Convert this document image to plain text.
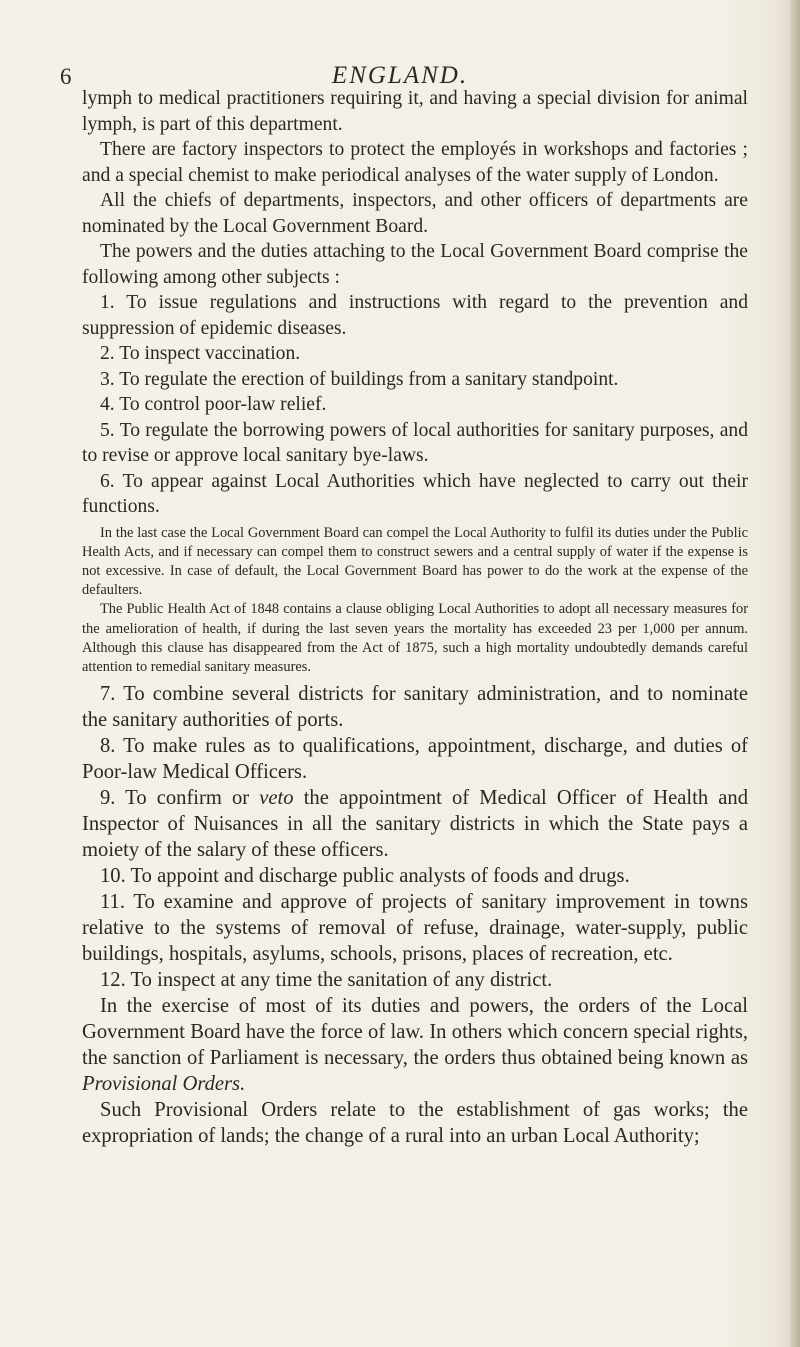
6	ENGLAND.

lymph to medical practitioners requiring it, and having a special division for animal lymph, is part of this department.

There are factory inspectors to protect the employés in workshops and factories ; and a special chemist to make periodical analyses of the water supply of London.

All the chiefs of departments, inspectors, and other officers of departments are nominated by the Local Government Board.

The powers and the duties attaching to the Local Government Board comprise the following among other subjects :

1. To issue regulations and instructions with regard to the prevention and suppression of epidemic diseases.

2. To inspect vaccination.

3. To regulate the erection of buildings from a sanitary standpoint.

4. To control poor-law relief.

5. To regulate the borrowing powers of local authorities for sanitary purposes, and to revise or approve local sanitary bye-laws.

6. To appear against Local Authorities which have neglected to carry out their functions.

In the last case the Local Government Board can compel the Local Authority to fulfil its duties under the Public Health Acts, and if necessary can compel them to construct sewers and a central supply of water if the expense is not excessive. In case of default, the Local Government Board has power to do the work at the expense of the defaulters.

The Public Health Act of 1848 contains a clause obliging Local Authorities to adopt all necessary measures for the amelioration of health, if during the last seven years the mortality has exceeded 23 per 1,000 per annum. Although this clause has disappeared from the Act of 1875, such a high mortality undoubtedly demands careful attention to remedial sanitary measures.

7. To combine several districts for sanitary administration, and to nominate the sanitary authorities of ports.

8. To make rules as to qualifications, appointment, discharge, and duties of Poor-law Medical Officers.

9. To confirm or veto the appointment of Medical Officer of Health and Inspector of Nuisances in all the sanitary districts in which the State pays a moiety of the salary of these officers.

10. To appoint and discharge public analysts of foods and drugs.

11. To examine and approve of projects of sanitary improvement in towns relative to the systems of removal of refuse, drainage, water-supply, public buildings, hospitals, asylums, schools, prisons, places of recreation, etc.

12. To inspect at any time the sanitation of any district.

In the exercise of most of its duties and powers, the orders of the Local Government Board have the force of law. In others which concern special rights, the sanction of Parliament is necessary, the orders thus obtained being known as Provisional Orders.

Such Provisional Orders relate to the establishment of gas works; the expropriation of lands; the change of a rural into an urban Local Authority;
